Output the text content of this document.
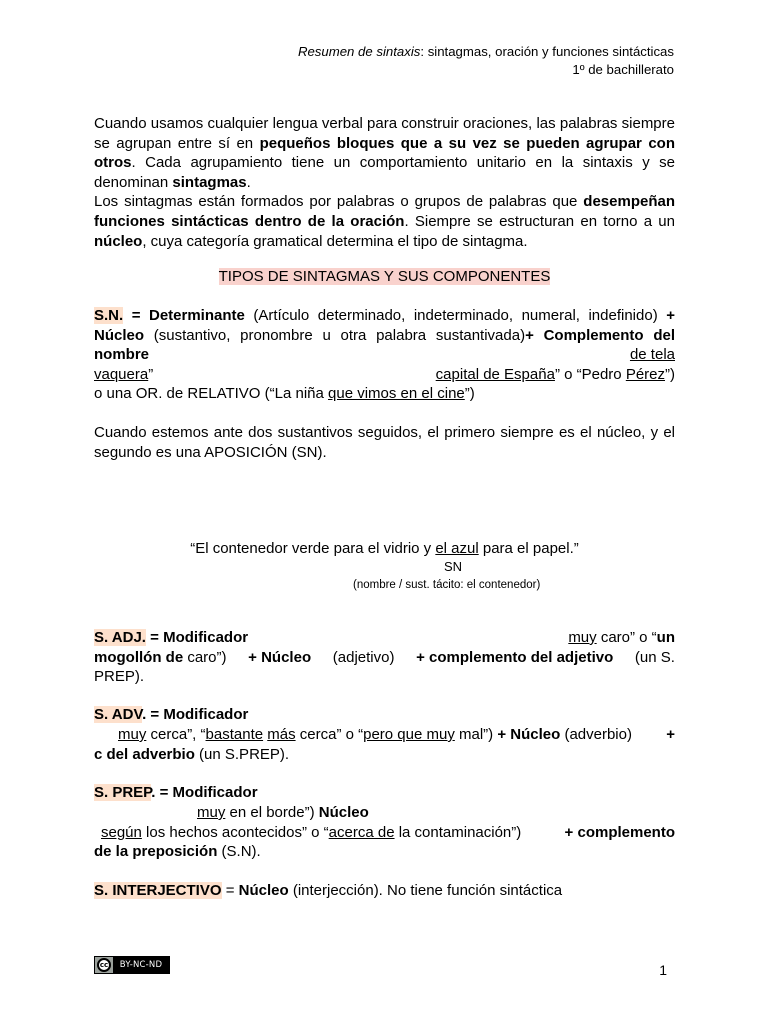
Resumen de sintaxis: sintagmas, oración y funciones sintácticas
1º de bachillerato

Cuando usamos cualquier lengua verbal para construir oraciones, las palabras siempre se agrupan entre sí en pequeños bloques que a su vez se pueden agrupar con otros. Cada agrupamiento tiene un comportamiento unitario en la sintaxis y se denominan sintagmas.

Los sintagmas están formados por palabras o grupos de palabras que desempeñan funciones sintácticas dentro de la oración. Siempre se estructuran en torno a un núcleo, cuya categoría gramatical determina el tipo de sintagma.

TIPOS DE SINTAGMAS Y SUS COMPONENTES
S.N. = Determinante (Artículo determinado, indeterminado, numeral, indefinido) + Núcleo (sustantivo, pronombre u otra palabra sustantivada)+ Complemento del nombre	de tela
vaquera”	capital de España” o “Pedro Pérez”)
o una OR. de RELATIVO (“La niña que vimos en el cine”)
Cuando estemos ante dos sustantivos seguidos, el primero siempre es el núcleo, y el segundo es una APOSICIÓN (SN).
“El contenedor verde para el vidrio y el azul para el papel.”
SN
(nombre / sust. tácito: el contenedor)
S. ADJ. = Modificador	muy caro” o “un
mogollón de caro”) + Núcleo (adjetivo) + complemento del adjetivo (un S.
PREP).
S. ADV. = Modificador
muy cerca”, “bastante más cerca” o “pero que muy mal”) + Núcleo (adverbio) +
c del adverbio (un S.PREP).
S. PREP. = Modificador
muy en el borde”) Núcleo
según los hechos acontecidos” o “acerca de la contaminación”)	+ complemento
de la preposición (S.N).
S. INTERJECTIVO = Núcleo (interjección). No tiene función sintáctica
cc	BY-NC-ND	1
